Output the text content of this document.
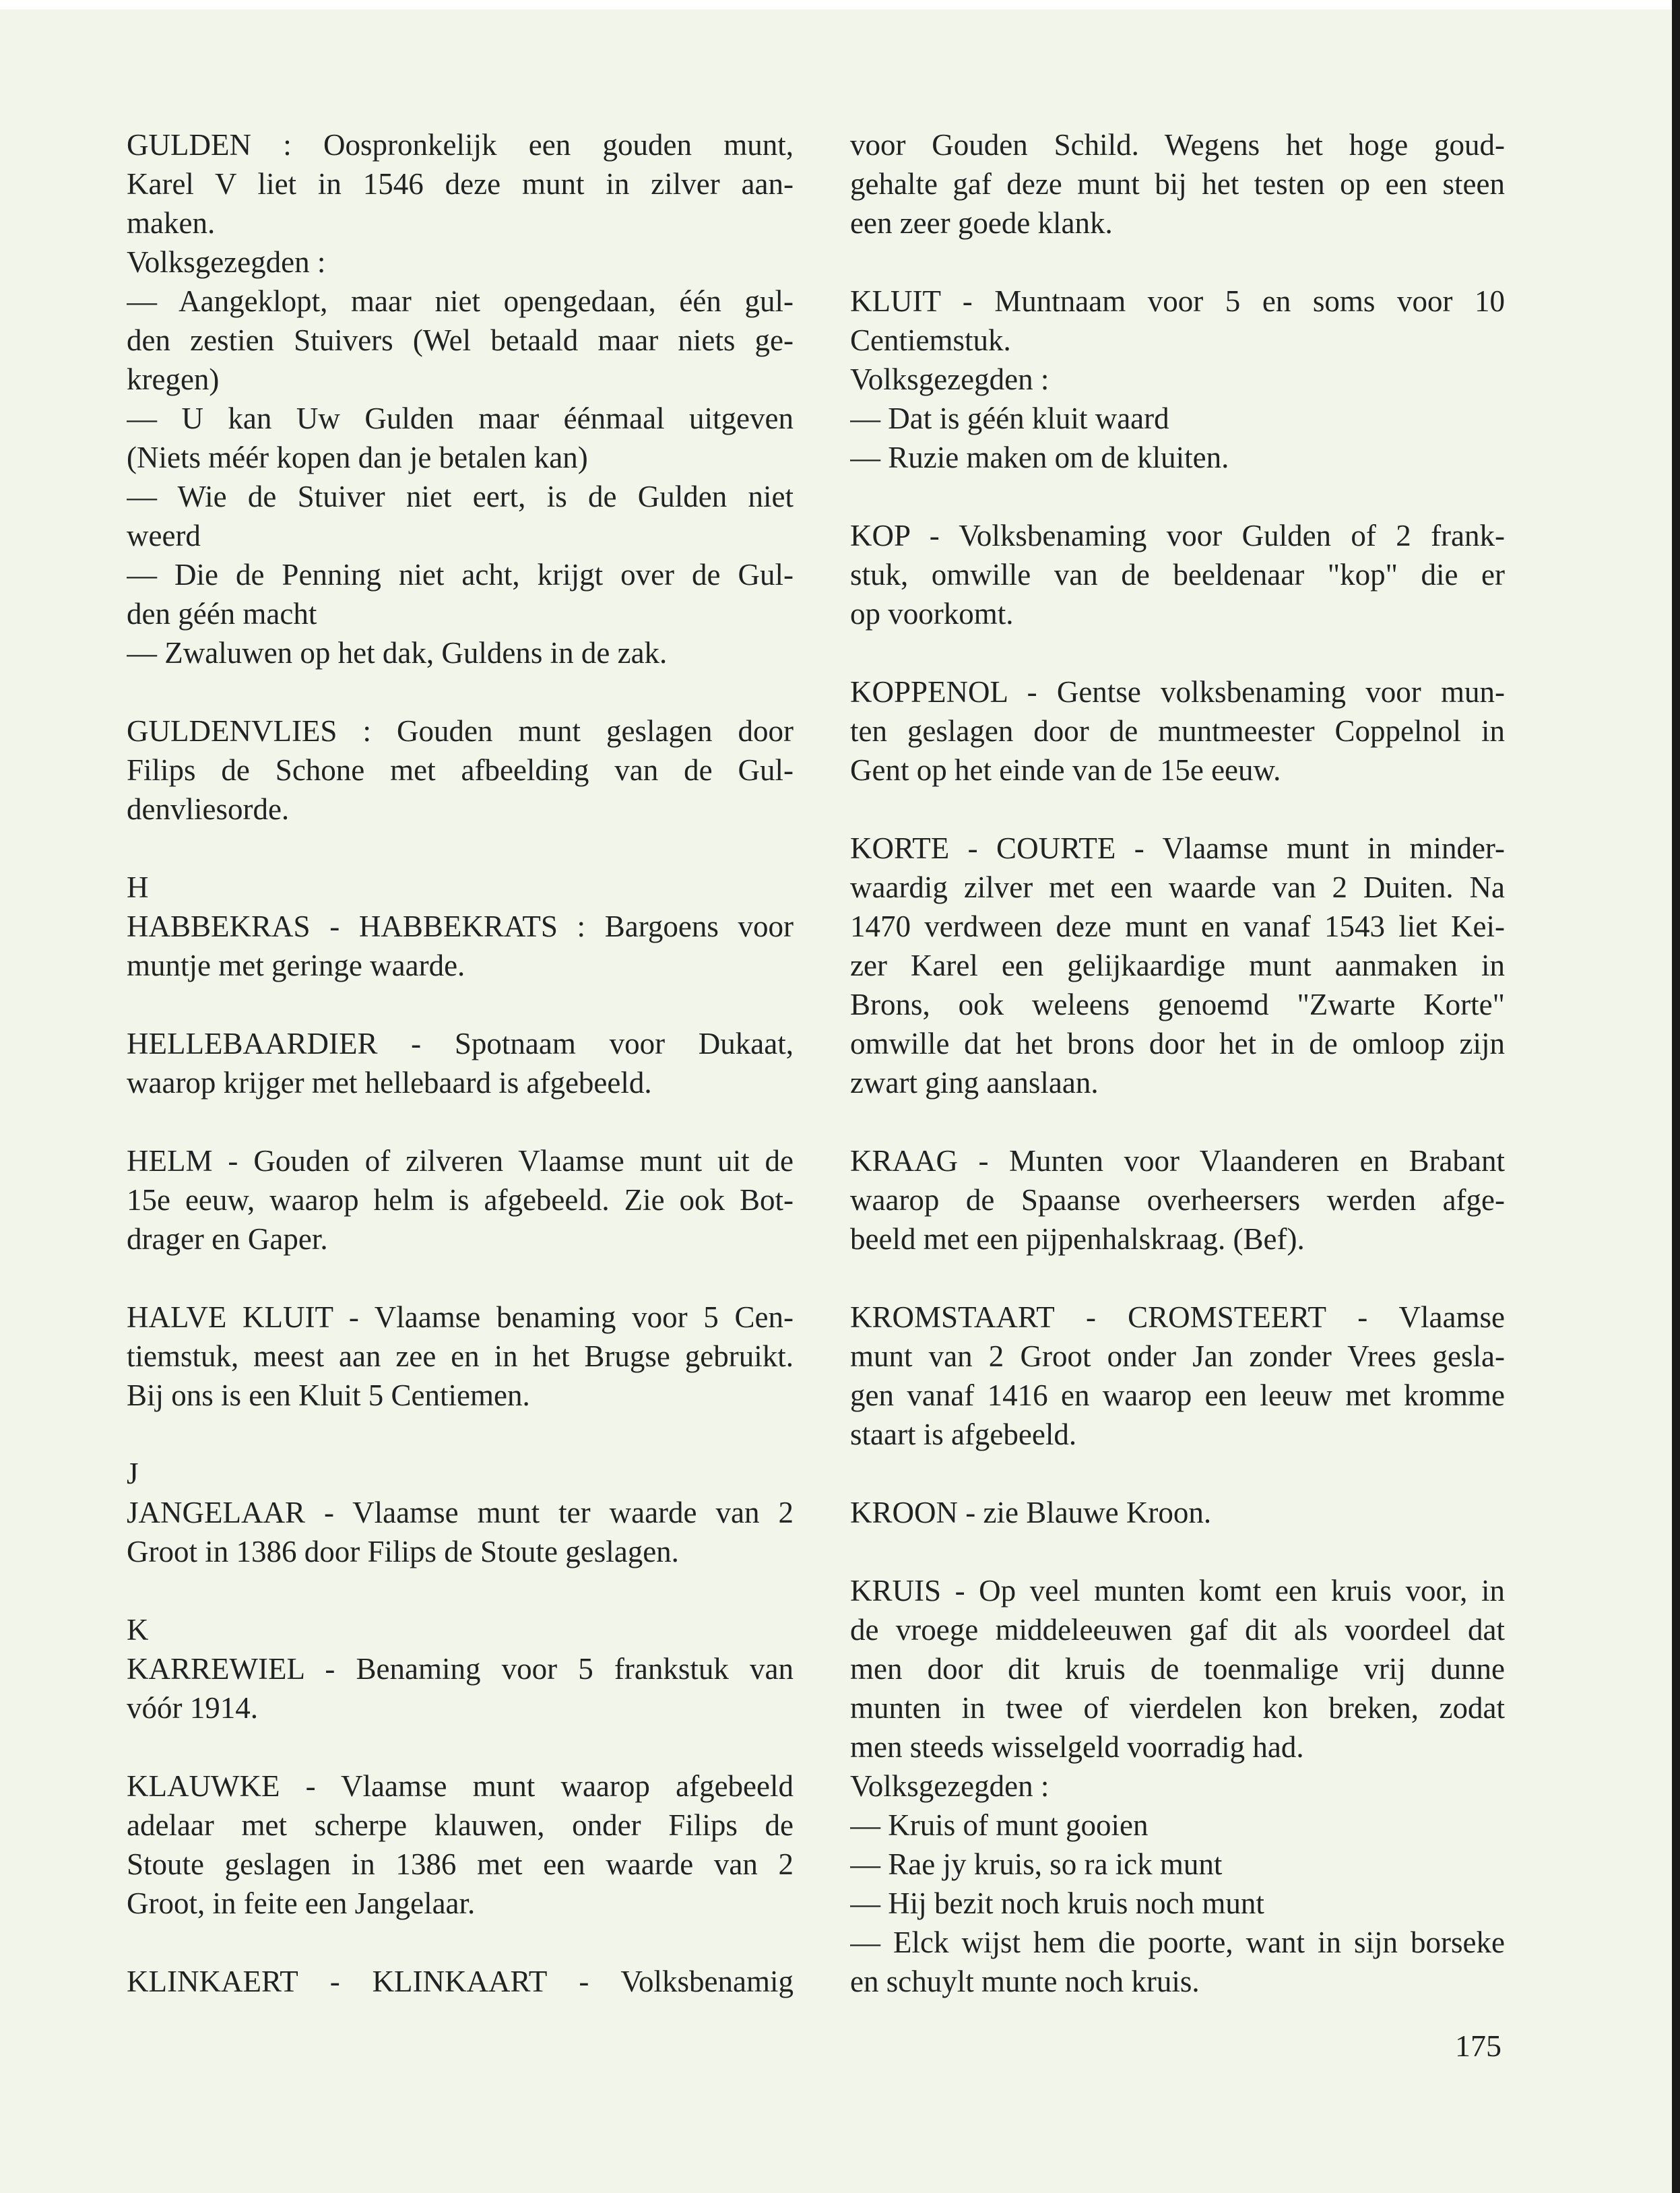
GULDEN : Oospronkelijk een gouden munt,
Karel V liet in 1546 deze munt in zilver aan-
maken.
Volksgezegden :
— Aangeklopt, maar niet opengedaan, één gul-
den zestien Stuivers (Wel betaald maar niets ge-
kregen)
— U kan Uw Gulden maar éénmaal uitgeven
(Niets méér kopen dan je betalen kan)
— Wie de Stuiver niet eert, is de Gulden niet
weerd
— Die de Penning niet acht, krijgt over de Gul-
den géén macht
— Zwaluwen op het dak, Guldens in de zak.
GULDENVLIES : Gouden munt geslagen door
Filips de Schone met afbeelding van de Gul-
denvliesorde.
H
HABBEKRAS - HABBEKRATS : Bargoens voor
muntje met geringe waarde.
HELLEBAARDIER - Spotnaam voor Dukaat,
waarop krijger met hellebaard is afgebeeld.
HELM - Gouden of zilveren Vlaamse munt uit de
15e eeuw, waarop helm is afgebeeld. Zie ook Bot-
drager en Gaper.
HALVE KLUIT - Vlaamse benaming voor 5 Cen-
tiemstuk, meest aan zee en in het Brugse gebruikt.
Bij ons is een Kluit 5 Centiemen.
J
JANGELAAR - Vlaamse munt ter waarde van 2
Groot in 1386 door Filips de Stoute geslagen.
K
KARREWIEL - Benaming voor 5 frankstuk van
vóór 1914.
KLAUWKE - Vlaamse munt waarop afgebeeld
adelaar met scherpe klauwen, onder Filips de
Stoute geslagen in 1386 met een waarde van 2
Groot, in feite een Jangelaar.
KLINKAERT - KLINKAART - Volksbenamig
voor Gouden Schild. Wegens het hoge goud-
gehalte gaf deze munt bij het testen op een steen
een zeer goede klank.
KLUIT - Muntnaam voor 5 en soms voor 10
Centiemstuk.
Volksgezegden :
— Dat is géén kluit waard
— Ruzie maken om de kluiten.
KOP - Volksbenaming voor Gulden of 2 frank-
stuk, omwille van de beeldenaar "kop" die er
op voorkomt.
KOPPENOL - Gentse volksbenaming voor mun-
ten geslagen door de muntmeester Coppelnol in
Gent op het einde van de 15e eeuw.
KORTE - COURTE - Vlaamse munt in minder-
waardig zilver met een waarde van 2 Duiten. Na
1470 verdween deze munt en vanaf 1543 liet Kei-
zer Karel een gelijkaardige munt aanmaken in
Brons, ook weleens genoemd "Zwarte Korte"
omwille dat het brons door het in de omloop zijn
zwart ging aanslaan.
KRAAG - Munten voor Vlaanderen en Brabant
waarop de Spaanse overheersers werden afge-
beeld met een pijpenhalskraag. (Bef).
KROMSTAART - CROMSTEERT - Vlaamse
munt van 2 Groot onder Jan zonder Vrees gesla-
gen vanaf 1416 en waarop een leeuw met kromme
staart is afgebeeld.
KROON - zie Blauwe Kroon.
KRUIS - Op veel munten komt een kruis voor, in
de vroege middeleeuwen gaf dit als voordeel dat
men door dit kruis de toenmalige vrij dunne
munten in twee of vierdelen kon breken, zodat
men steeds wisselgeld voorradig had.
Volksgezegden :
— Kruis of munt gooien
— Rae jy kruis, so ra ick munt
— Hij bezit noch kruis noch munt
— Elck wijst hem die poorte, want in sijn borseke
en schuylt munte noch kruis.
175
